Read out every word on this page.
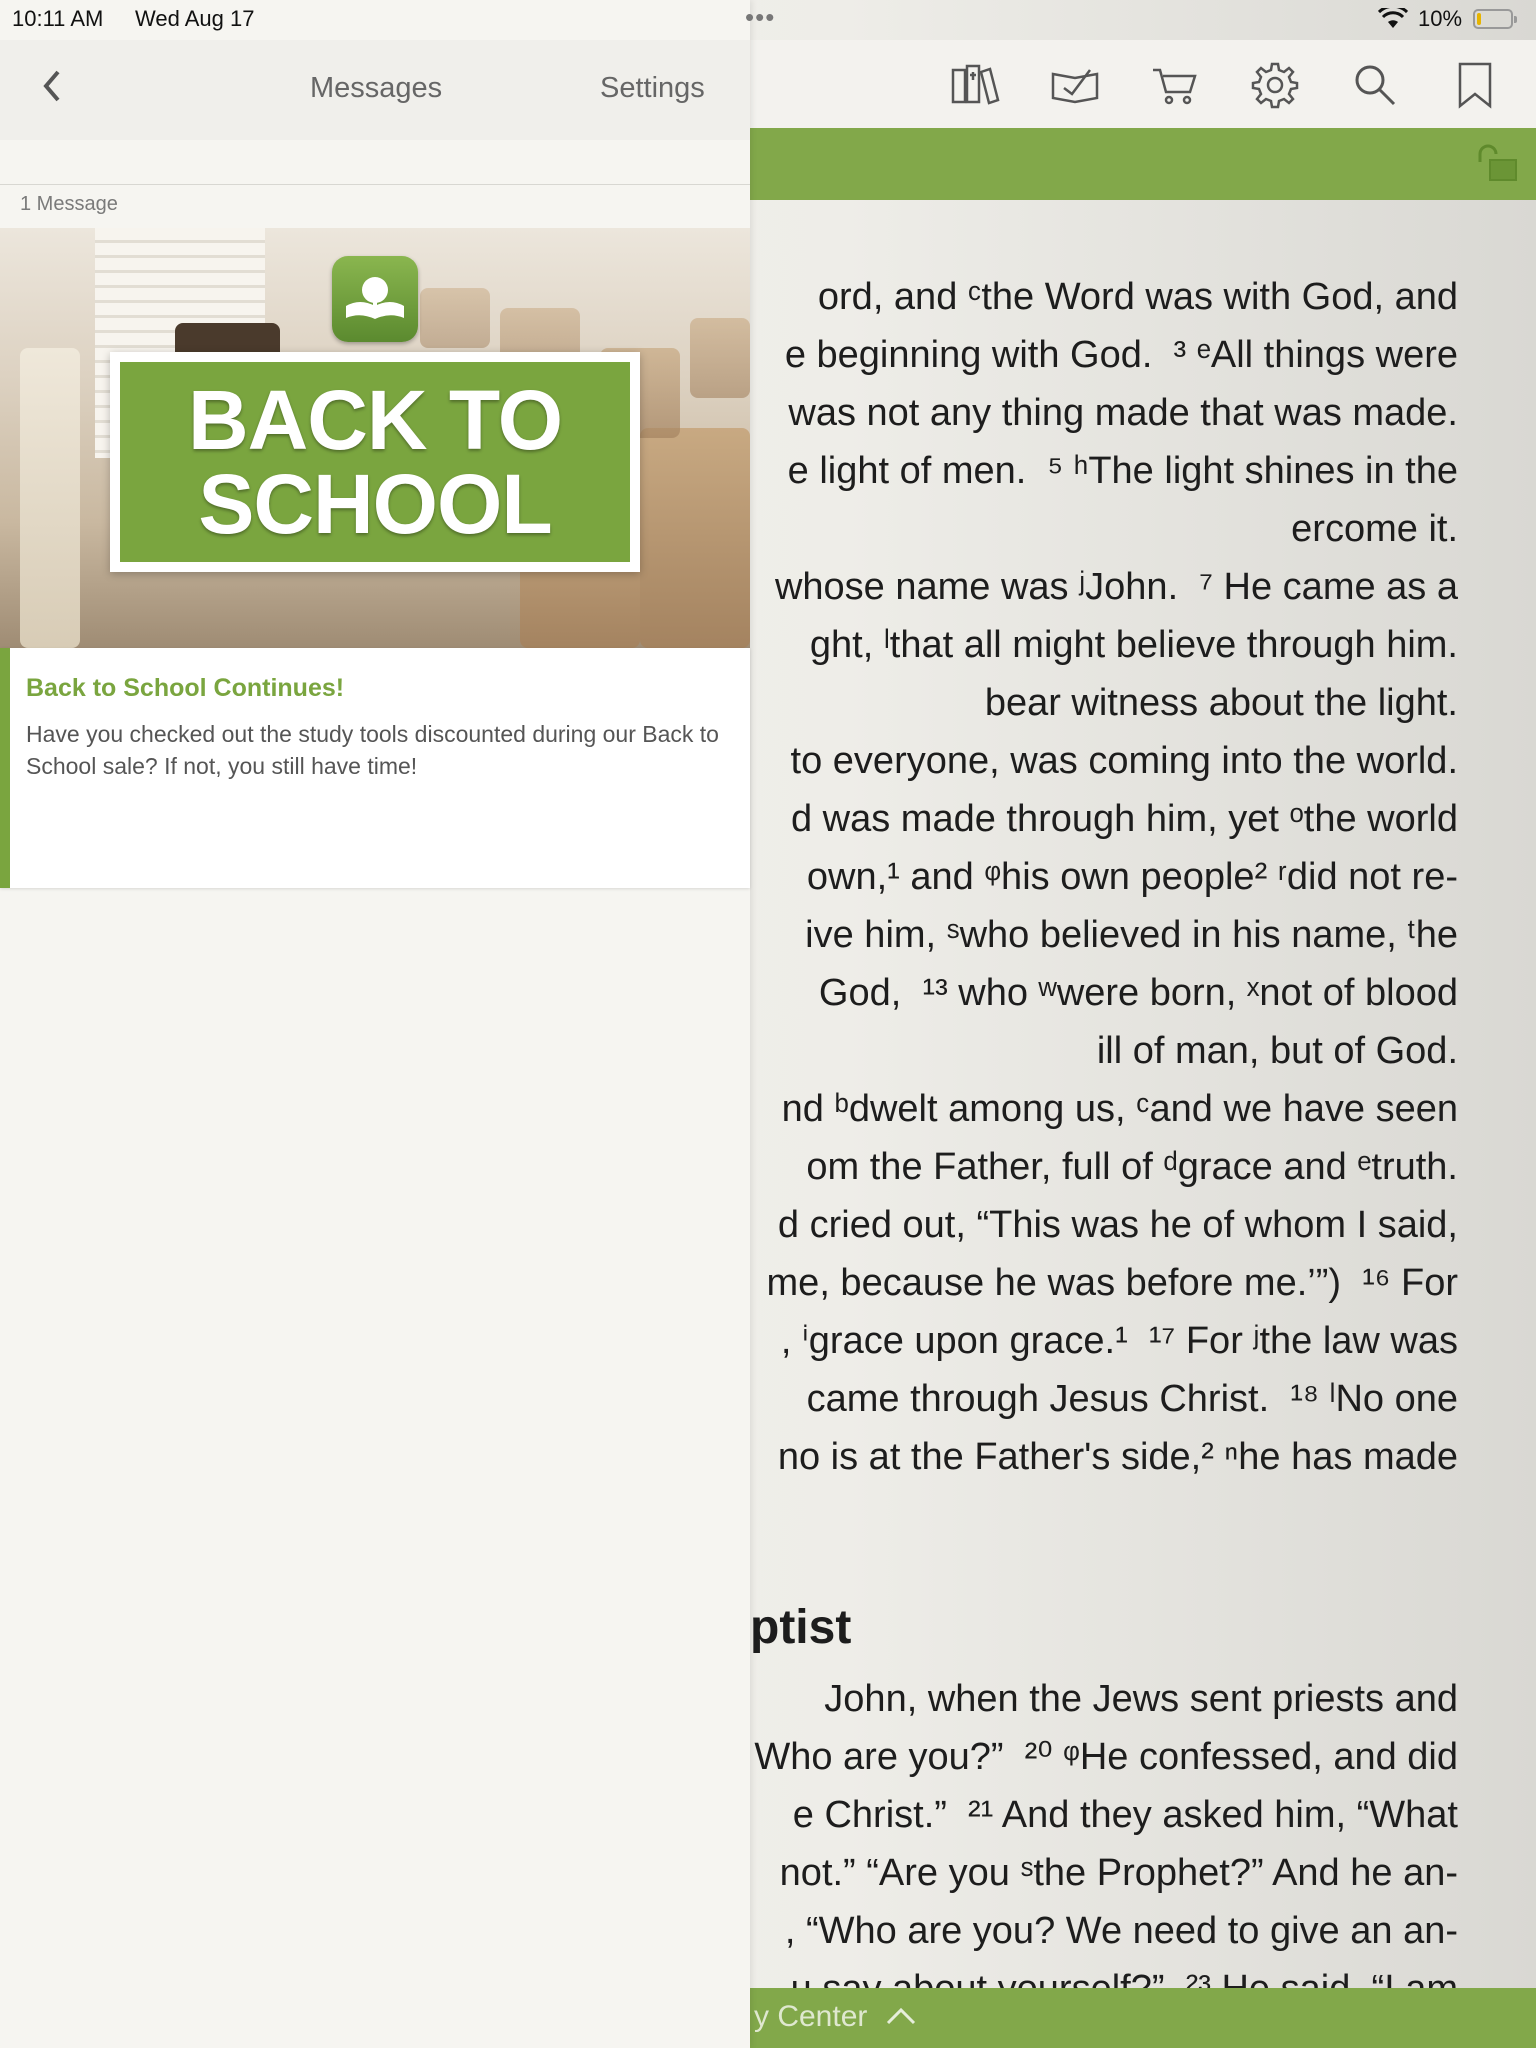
ord, and ᶜthe Word was with God, and
e beginning with God.  ³ ᵉAll things were
was not any thing made that was made.
e light of men.  ⁵ ʰThe light shines in the
ercome it.
whose name was ʲJohn.  ⁷ He came as a
ght, ˡthat all might believe through him.
bear witness about the light.
to everyone, was coming into the world.
d was made through him, yet ᵒthe world
own,¹ and ᵠhis own people² ʳdid not re-
ive him, ˢwho believed in his name, ᵗhe
God,  ¹³ who ʷwere born, ˣnot of blood
ill of man, but of God.
nd ᵇdwelt among us, ᶜand we have seen
om the Father, full of ᵈgrace and ᵉtruth.
d cried out, “This was he of whom I said,
me, because he was before me.’”)  ¹⁶ For
, ⁱgrace upon grace.¹  ¹⁷ For ʲthe law was
came through Jesus Christ.  ¹⁸ ˡNo one
no is at the Father's side,² ⁿhe has made
ptist
John, when the Jews sent priests and
Who are you?”  ²⁰ ᵠHe confessed, and did
e Christ.”  ²¹ And they asked him, “What
not.” “Are you ˢthe Prophet?” And he an-
, “Who are you? We need to give an an-
y Center
Messages	Settings
1 Message
BACK TO
SCHOOL
Back to School Continues!
Have you checked out the study tools discounted during our Back to School sale? If not, you still have time!
10:11 AM Wed Aug 17	•••	10%
